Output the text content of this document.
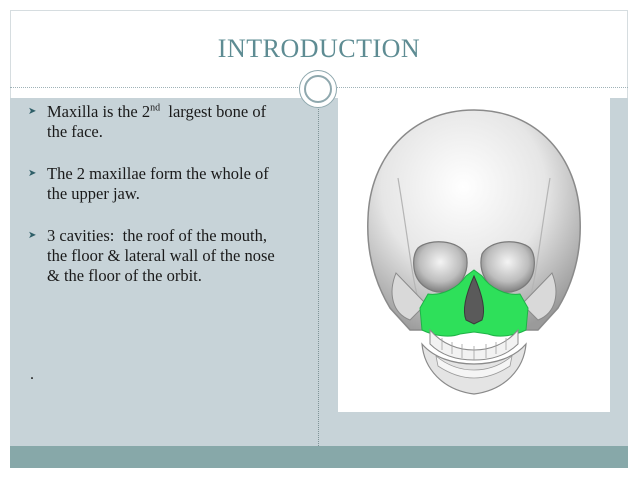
INTRODUCTION
➤ Maxilla is the 2nd  largest bone of
the face.
➤ The 2 maxillae form the whole of
the upper jaw.
➤ 3 cavities:  the roof of the mouth,
the floor & lateral wall of the nose
& the floor of the orbit.
.
